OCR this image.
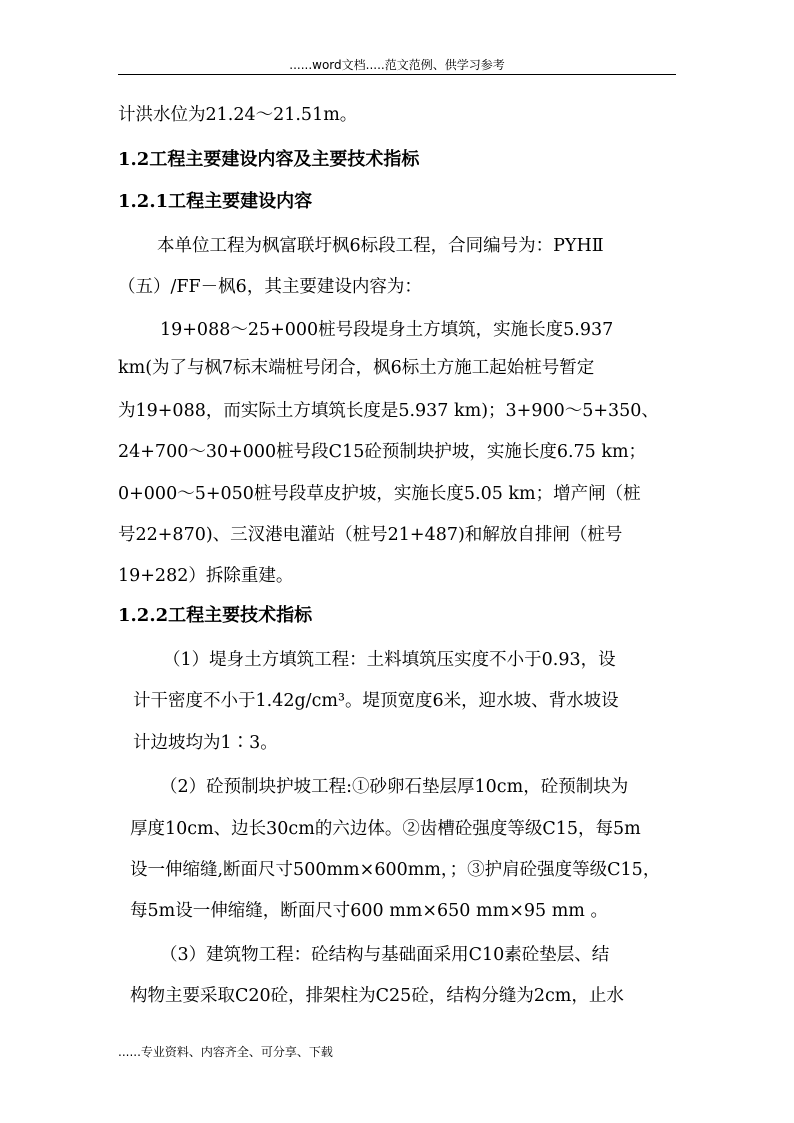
......word文档.....范文范例、供学习参考
计洪水位为21.24～21.51m。
1.2工程主要建设内容及主要技术指标
1.2.1工程主要建设内容
本单位工程为枫富联圩枫6标段工程，合同编号为：PYHⅡ
（五）/FF－枫6，其主要建设内容为：
19+088～25+000桩号段堤身土方填筑，实施长度5.937
km(为了与枫7标末端桩号闭合，枫6标土方施工起始桩号暂定
为19+088，而实际土方填筑长度是5.937 km)；3+900～5+350、
24+700～30+000桩号段C15砼预制块护坡，实施长度6.75 km；
0+000～5+050桩号段草皮护坡，实施长度5.05 km；增产闸（桩
号22+870)、三汊港电灌站（桩号21+487)和解放自排闸（桩号
19+282）拆除重建。
1.2.2工程主要技术指标
（1）堤身土方填筑工程：土料填筑压实度不小于0.93，设
计干密度不小于1.42g/cm³。堤顶宽度6米，迎水坡、背水坡设
计边坡均为1∶3。
（2）砼预制块护坡工程:①砂卵石垫层厚10cm，砼预制块为
厚度10cm、边长30cm的六边体。②齿槽砼强度等级C15，每5m
设一伸缩缝,断面尺寸500mm×600mm，；③护肩砼强度等级C15，
每5m设一伸缩缝，断面尺寸600 mm×650 mm×95 mm 。
（3）建筑物工程：砼结构与基础面采用C10素砼垫层、结
构物主要采取C20砼，排架柱为C25砼，结构分缝为2cm，止水
......专业资料、内容齐全、可分享、下载
